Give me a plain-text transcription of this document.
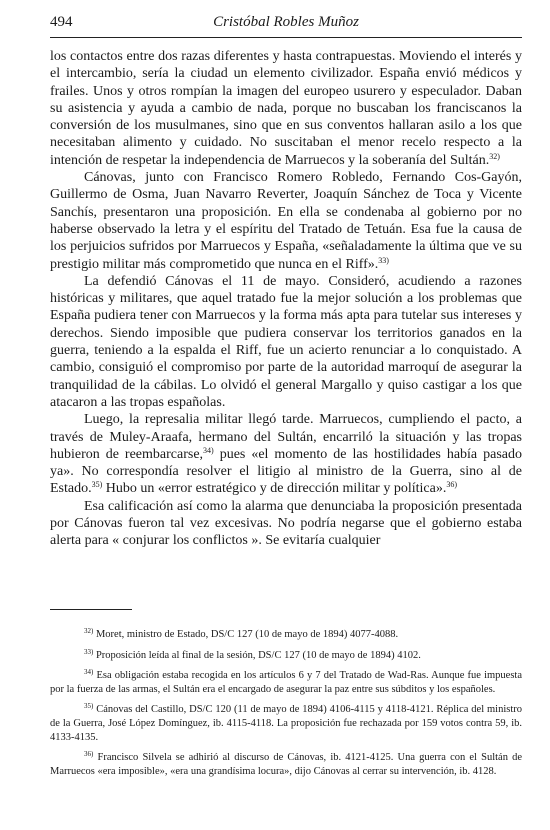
494	Cristóbal Robles Muñoz

los contactos entre dos razas diferentes y hasta contrapuestas. Moviendo el interés y el intercambio, sería la ciudad un elemento civilizador. España envió médicos y frailes. Unos y otros rompían la imagen del europeo usurero y especulador. Daban su asistencia y ayuda a cambio de nada, porque no buscaban los franciscanos la conversión de los musulmanes, sino que en sus conventos hallaran asilo a los que necesitaban alimento y cuidado. No suscitaban el menor recelo respecto a la intención de respetar la independencia de Marruecos y la soberanía del Sultán.$^{32)}$

Cánovas, junto con Francisco Romero Robledo, Fernando Cos-Gayón, Guillermo de Osma, Juan Navarro Reverter, Joaquín Sánchez de Toca y Vicente Sanchís, presentaron una proposición. En ella se condenaba al gobierno por no haberse observado la letra y el espíritu del Tratado de Tetuán. Esa fue la causa de los perjuicios sufridos por Marruecos y España, «señaladamente la última que ve su prestigio militar más comprometido que nunca en el Riff».$^{33)}$

La defendió Cánovas el 11 de mayo. Consideró, acudiendo a razones históricas y militares, que aquel tratado fue la mejor solución a los problemas que España pudiera tener con Marruecos y la forma más apta para tutelar sus intereses y derechos. Siendo imposible que pudiera conservar los territorios ganados en la guerra, teniendo a la espalda el Riff, fue un acierto renunciar a lo conquistado. A cambio, consiguió el compromiso por parte de la autoridad marroquí de asegurar la tranquilidad de la cábilas. Lo olvidó el general Margallo y quiso castigar a los que atacaron a las tropas españolas.

Luego, la represalia militar llegó tarde. Marruecos, cumpliendo el pacto, a través de Muley-Araafa, hermano del Sultán, encarriló la situación y las tropas hubieron de reembarcarse,$^{34)}$ pues «el momento de las hostilidades había pasado ya». No correspondía resolver el litigio al ministro de la Guerra, sino al de Estado.$^{35)}$ Hubo un «error estratégico y de dirección militar y política».$^{36)}$

Esa calificación así como la alarma que denunciaba la proposición presentada por Cánovas fueron tal vez excesivas. No podría negarse que el gobierno estaba alerta para « conjurar los conflictos ». Se evitaría cualquier

$^{32)}$ Moret, ministro de Estado, DS/C 127 (10 de mayo de 1894) 4077-4088.

$^{33)}$ Proposición leída al final de la sesión, DS/C 127 (10 de mayo de 1894) 4102.

$^{34)}$ Esa obligación estaba recogida en los artículos 6 y 7 del Tratado de Wad-Ras. Aunque fue impuesta por la fuerza de las armas, el Sultán era el encargado de asegurar la paz entre sus súbditos y los españoles.

$^{35)}$ Cánovas del Castillo, DS/C 120 (11 de mayo de 1894) 4106-4115 y 4118-4121. Réplica del ministro de la Guerra, José López Domínguez, ib. 4115-4118. La proposición fue rechazada por 159 votos contra 59, ib. 4133-4135.

$^{36)}$ Francisco Silvela se adhirió al discurso de Cánovas, ib. 4121-4125. Una guerra con el Sultán de Marruecos «era imposible», «era una grandísima locura», dijo Cánovas al cerrar su intervención, ib. 4128.
